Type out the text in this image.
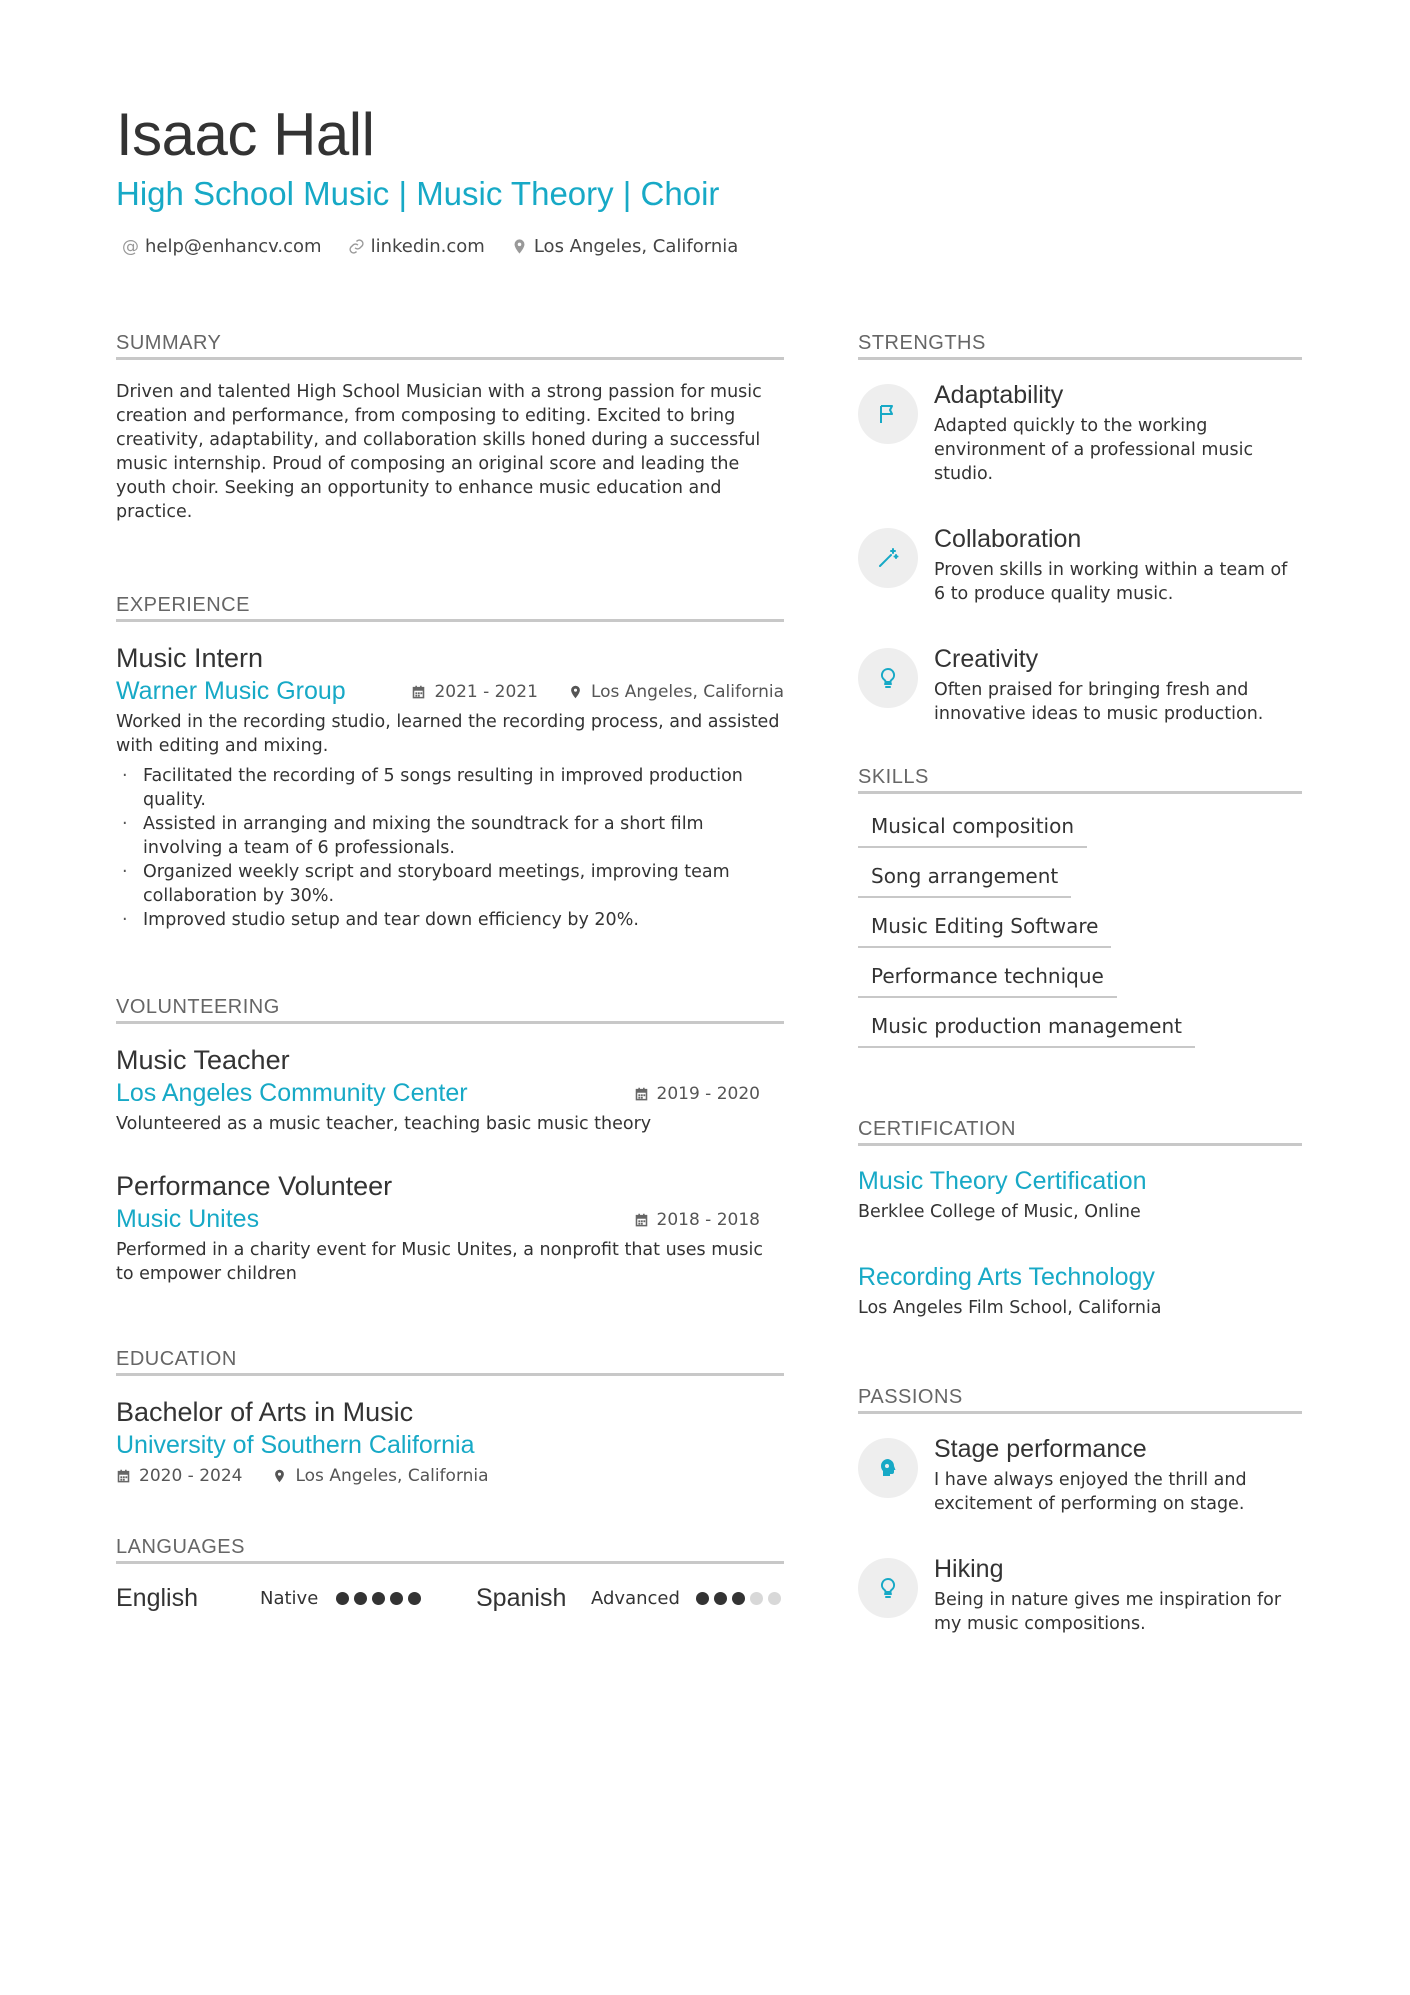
Isaac Hall
High School Music | Music Theory | Choir
@ help@enhancv.com	linkedin.com	Los Angeles, California
SUMMARY
Driven and talented High School Musician with a strong passion for music creation and performance, from composing to editing. Excited to bring creativity, adaptability, and collaboration skills honed during a successful music internship. Proud of composing an original score and leading the youth choir. Seeking an opportunity to enhance music education and practice.
EXPERIENCE
Music Intern
Warner Music Group	2021 - 2021	Los Angeles, California
Worked in the recording studio, learned the recording process, and assisted with editing and mixing.
· Facilitated the recording of 5 songs resulting in improved production quality.
· Assisted in arranging and mixing the soundtrack for a short film involving a team of 6 professionals.
· Organized weekly script and storyboard meetings, improving team collaboration by 30%.
· Improved studio setup and tear down efficiency by 20%.
VOLUNTEERING
Music Teacher
Los Angeles Community Center	2019 - 2020
Volunteered as a music teacher, teaching basic music theory
Performance Volunteer
Music Unites	2018 - 2018
Performed in a charity event for Music Unites, a nonprofit that uses music to empower children
EDUCATION
Bachelor of Arts in Music
University of Southern California
2020 - 2024	Los Angeles, California
LANGUAGES
English	Native	Spanish	Advanced
STRENGTHS
Adaptability
Adapted quickly to the working environment of a professional music studio.
Collaboration
Proven skills in working within a team of 6 to produce quality music.
Creativity
Often praised for bringing fresh and innovative ideas to music production.
SKILLS
Musical composition
Song arrangement
Music Editing Software
Performance technique
Music production management
CERTIFICATION
Music Theory Certification
Berklee College of Music, Online
Recording Arts Technology
Los Angeles Film School, California
PASSIONS
Stage performance
I have always enjoyed the thrill and excitement of performing on stage.
Hiking
Being in nature gives me inspiration for my music compositions.
